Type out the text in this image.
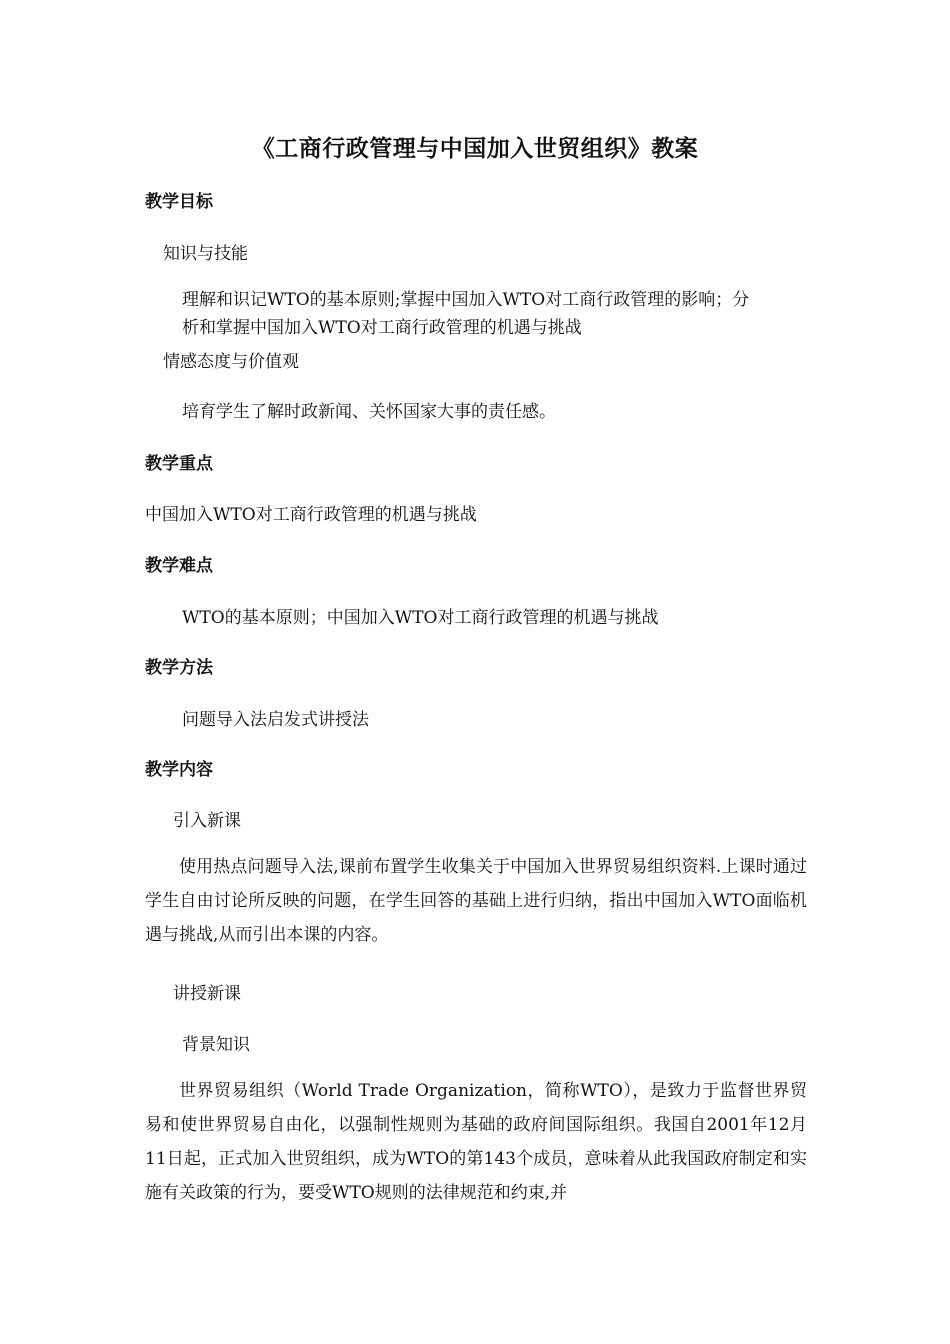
《工商行政管理与中国加入世贸组织》教案
教学目标
知识与技能
理解和识记WTO的基本原则;掌握中国加入WTO对工商行政管理的影响；分
析和掌握中国加入WTO对工商行政管理的机遇与挑战
情感态度与价值观
培育学生了解时政新闻、关怀国家大事的责任感。
教学重点
中国加入WTO对工商行政管理的机遇与挑战
教学难点
WTO的基本原则；中国加入WTO对工商行政管理的机遇与挑战
教学方法
问题导入法启发式讲授法
教学内容
引入新课
使用热点问题导入法,课前布置学生收集关于中国加入世界贸易组织资料.上课时通过学生自由讨论所反映的问题，在学生回答的基础上进行归纳，指出中国加入WTO面临机遇与挑战,从而引出本课的内容。
讲授新课
背景知识
世界贸易组织（World Trade Organization，简称WTO），是致力于监督世界贸易和使世界贸易自由化，以强制性规则为基础的政府间国际组织。我国自2001年12月11日起，正式加入世贸组织，成为WTO的第143个成员，意味着从此我国政府制定和实施有关政策的行为，要受WTO规则的法律规范和约束,并
